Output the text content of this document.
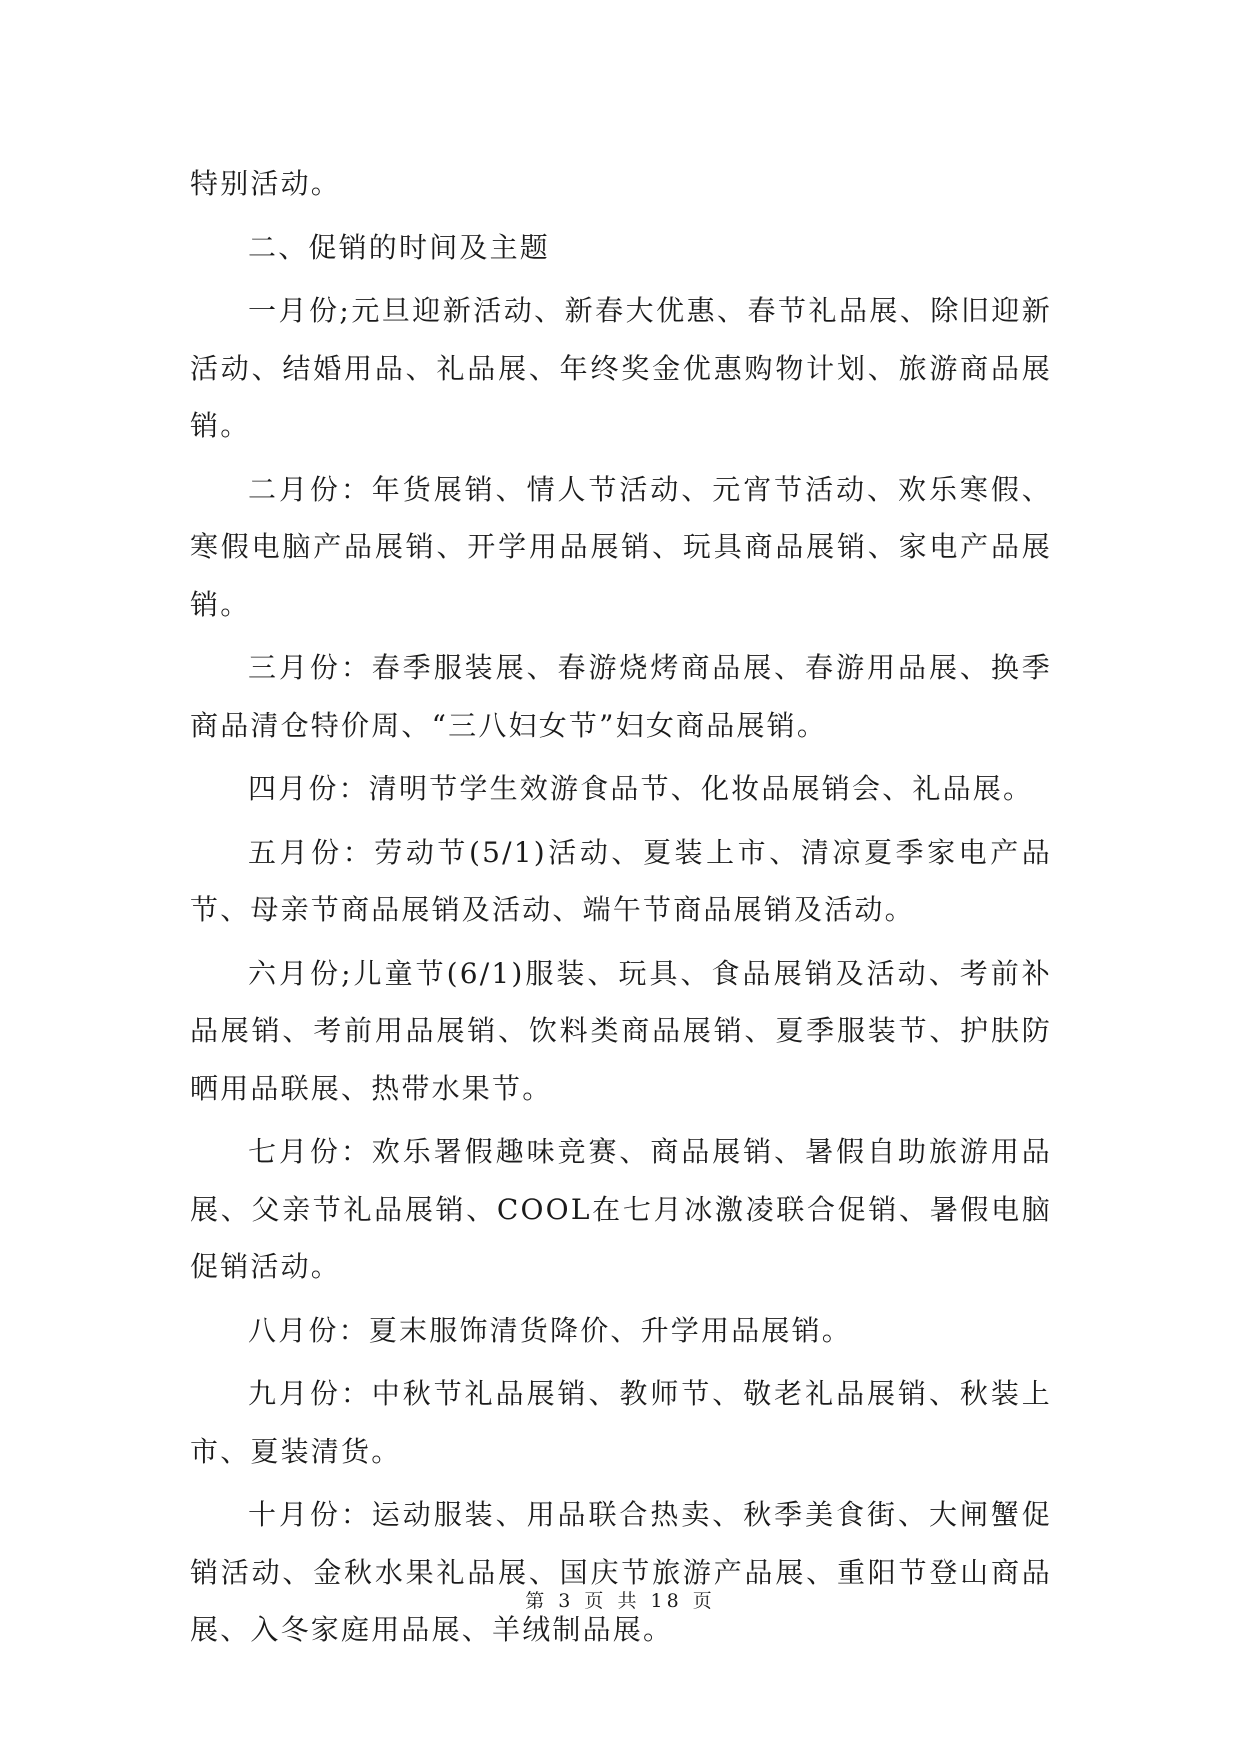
特别活动。

二、促销的时间及主题

一月份;元旦迎新活动、新春大优惠、春节礼品展、除旧迎新活动、结婚用品、礼品展、年终奖金优惠购物计划、旅游商品展销。

二月份：年货展销、情人节活动、元宵节活动、欢乐寒假、寒假电脑产品展销、开学用品展销、玩具商品展销、家电产品展销。

三月份：春季服装展、春游烧烤商品展、春游用品展、换季商品清仓特价周、“三八妇女节”妇女商品展销。

四月份：清明节学生效游食品节、化妆品展销会、礼品展。

五月份：劳动节(5/1)活动、夏装上市、清凉夏季家电产品节、母亲节商品展销及活动、端午节商品展销及活动。

六月份;儿童节(6/1)服装、玩具、食品展销及活动、考前补品展销、考前用品展销、饮料类商品展销、夏季服装节、护肤防晒用品联展、热带水果节。

七月份：欢乐署假趣味竞赛、商品展销、暑假自助旅游用品展、父亲节礼品展销、COOL在七月冰激凌联合促销、暑假电脑促销活动。

八月份：夏末服饰清货降价、升学用品展销。

九月份：中秋节礼品展销、教师节、敬老礼品展销、秋装上市、夏装清货。

十月份：运动服装、用品联合热卖、秋季美食街、大闸蟹促销活动、金秋水果礼品展、国庆节旅游产品展、重阳节登山商品展、入冬家庭用品展、羊绒制品展。

第 3 页 共 18 页
